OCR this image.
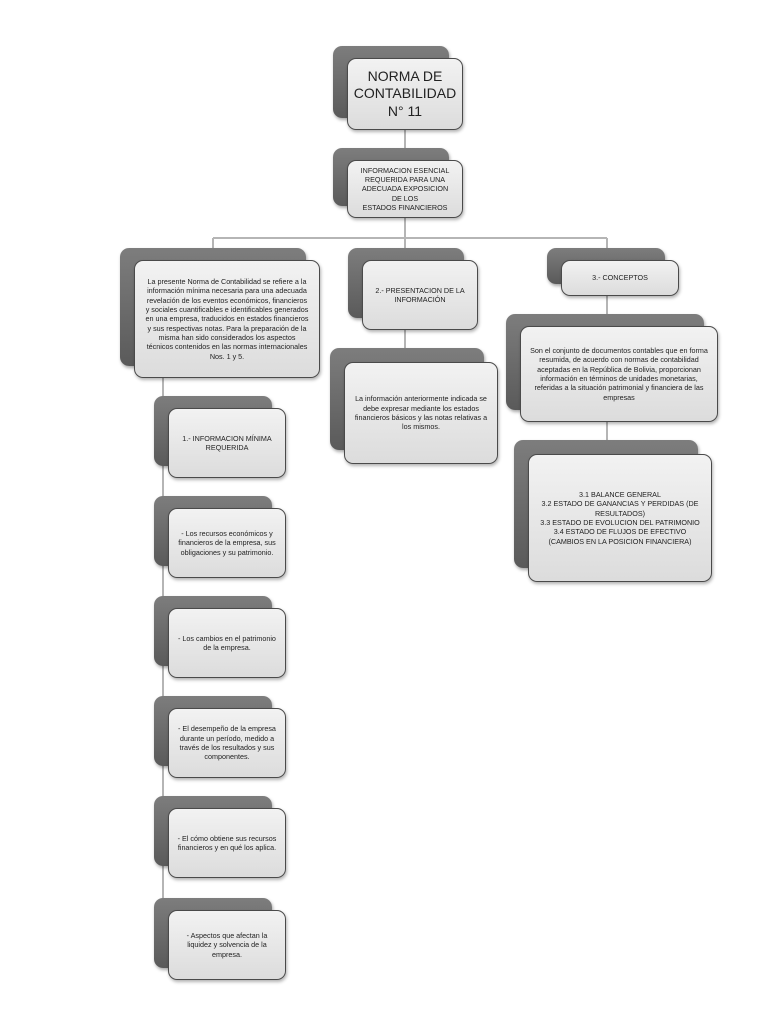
NORMA DE
CONTABILIDAD
N° 11
INFORMACION ESENCIAL
REQUERIDA PARA UNA
ADECUADA EXPOSICION DE LOS
ESTADOS FINANCIEROS
La presente Norma de Contabilidad se refiere a la información mínima necesaria para una adecuada revelación de los eventos económicos, financieros y sociales cuantificables e identificables generados en una empresa, traducidos en estados financieros y sus respectivas notas. Para la preparación de la misma han sido considerados los aspectos técnicos contenidos en las normas internacionales Nos. 1 y 5.
1.- INFORMACION MÍNIMA
REQUERIDA
- Los recursos económicos y financieros de la empresa, sus obligaciones y su patrimonio.
- Los cambios en el patrimonio de la empresa.
- El desempeño de la empresa durante un período, medido a través de los resultados y sus componentes.
- El cómo obtiene sus recursos financieros y en qué los aplica.
- Aspectos que afectan la liquidez y solvencia de la empresa.
2.- PRESENTACION DE LA
INFORMACIÓN
La información anteriormente indicada se debe expresar mediante los estados financieros básicos y las notas relativas a los mismos.
3.- CONCEPTOS
Son el conjunto de documentos contables que en forma resumida, de acuerdo con normas de contabilidad aceptadas en la República de Bolivia, proporcionan información en términos de unidades monetarias, referidas a la situación patrimonial y financiera de las empresas
3.1 BALANCE GENERAL
3.2 ESTADO DE GANANCIAS Y PERDIDAS (DE RESULTADOS)
3.3 ESTADO DE EVOLUCION DEL PATRIMONIO
3.4 ESTADO DE FLUJOS DE EFECTIVO (CAMBIOS EN LA POSICION FINANCIERA)
